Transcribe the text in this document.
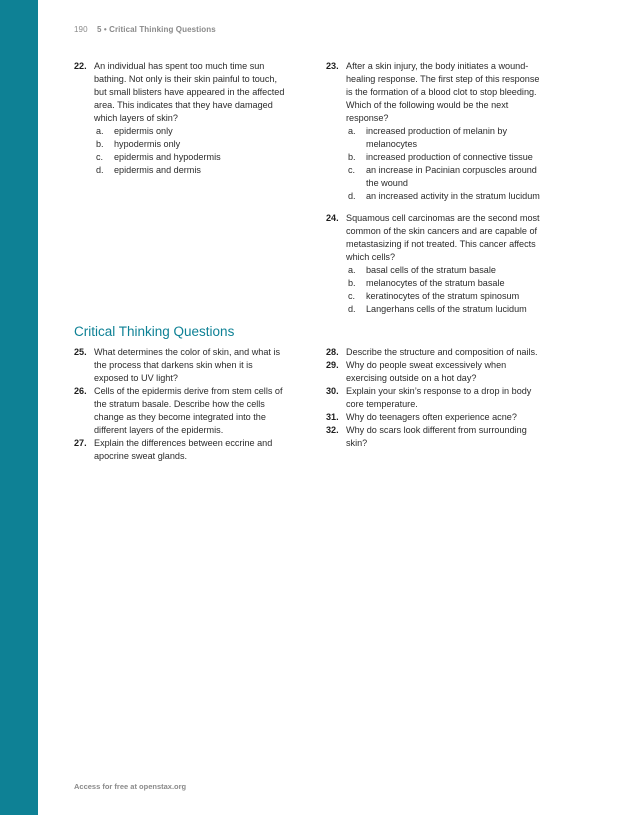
190 5 • Critical Thinking Questions
22. An individual has spent too much time sun bathing. Not only is their skin painful to touch, but small blisters have appeared in the affected area. This indicates that they have damaged which layers of skin?
a. epidermis only
b. hypodermis only
c. epidermis and hypodermis
d. epidermis and dermis
23. After a skin injury, the body initiates a wound-healing response. The first step of this response is the formation of a blood clot to stop bleeding. Which of the following would be the next response?
a. increased production of melanin by melanocytes
b. increased production of connective tissue
c. an increase in Pacinian corpuscles around the wound
d. an increased activity in the stratum lucidum
24. Squamous cell carcinomas are the second most common of the skin cancers and are capable of metastasizing if not treated. This cancer affects which cells?
a. basal cells of the stratum basale
b. melanocytes of the stratum basale
c. keratinocytes of the stratum spinosum
d. Langerhans cells of the stratum lucidum
Critical Thinking Questions
25. What determines the color of skin, and what is the process that darkens skin when it is exposed to UV light?
26. Cells of the epidermis derive from stem cells of the stratum basale. Describe how the cells change as they become integrated into the different layers of the epidermis.
27. Explain the differences between eccrine and apocrine sweat glands.
28. Describe the structure and composition of nails.
29. Why do people sweat excessively when exercising outside on a hot day?
30. Explain your skin’s response to a drop in body core temperature.
31. Why do teenagers often experience acne?
32. Why do scars look different from surrounding skin?
Access for free at openstax.org
